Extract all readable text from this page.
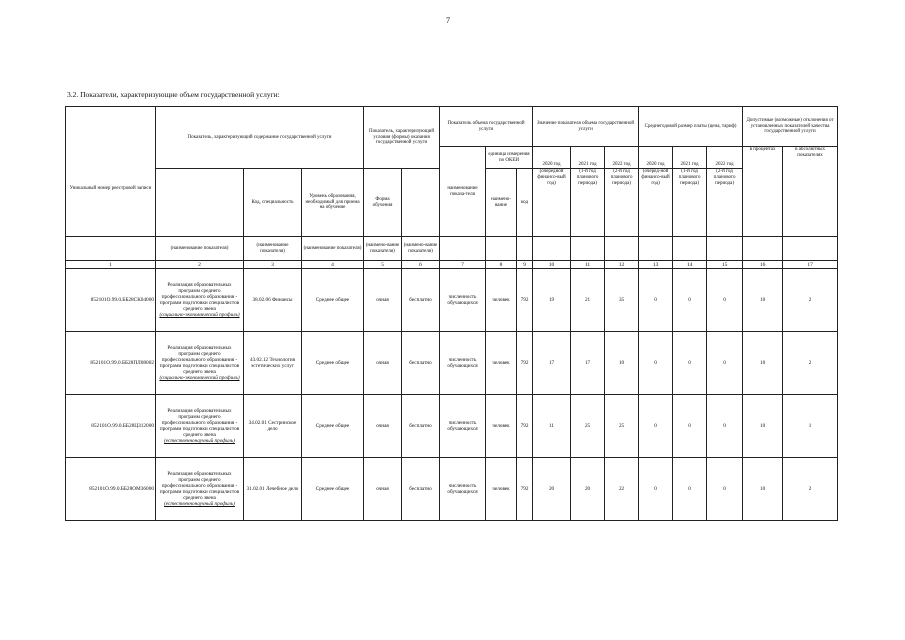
7
3.2. Показатели, характеризующие объем государственной услуги:
Уникальный номер реестровой записи	Показатель, характеризующий содержание государственной услуги			Показатель, характеризующий условия (формы) оказания государственной услуги		Показатель объема государственной услуги			Значение показателя объема государственной услуги			Среднегодовой размер платы (цена, тариф)			Допустимые (возможные) отклонения от установленных показателей качества государственной услуги	
						наименование показа-теля	единица измерения по ОКЕИ		2020 год	2021 год	2022 год	2020 год	2021 год	2022 год	в процентах	в абсолютных показателях
		Код, специальность	Уровень образования, необходимый для приема на обучение	Форма обучения			наимено-вание	код	(очередной финансо-вый год)	(1-й год планового периода)	(2-й год планового периода)	(очеред-ной финансо-вый год)	(1-й год планового периода)	(2-й год планового периода)		
	(наименование показателя)	(наименование показателя)	(наименование показателя)	(наимено-вание показателя)	(наимено-вание показателя)											
1	2	3	4	5	6	7	8	9	10	11	12	13	14	15	16	17
852101О.99.0.ББ28СК04000	Реализация образовательных программ среднего профессионального образования - программ подготовки специалистов среднего звена
(социально-экономический профиль)	38.02.06 Финансы	Среднее общее	очная	бесплатно	численность обучающихся	человек	792	19	21	35	0	0	0	10	2
852101О.99.0.ББ28ПЛ08002	Реализация образовательных программ среднего профессионального образования - программ подготовки специалистов среднего звена
(социально-экономический профиль)	43.02.12 Технология эстетических услуг	Среднее общее	очная	бесплатно	численность обучающихся	человек	792	17	17	10	0	0	0	10	2
852101О.99.0.ББ28ЦЗ12000	Реализация образовательных программ среднего профессионального образования - программ подготовки специалистов среднего звена
(естественнонаучный профиль)	34.02.01 Сестринское дело	Среднее общее	очная	бесплатно	численность обучающихся	человек	792	11	25	25	0	0	0	10	1
852101О.99.0.ББ28ОМ36000	Реализация образовательных программ среднего профессионального образования - программ подготовки специалистов среднего звена
(естественнонаучный профиль)	31.02.01 Лечебное дело	Среднее общее	очная	бесплатно	численность обучающихся	человек	792	20	20	22	0	0	0	10	2
